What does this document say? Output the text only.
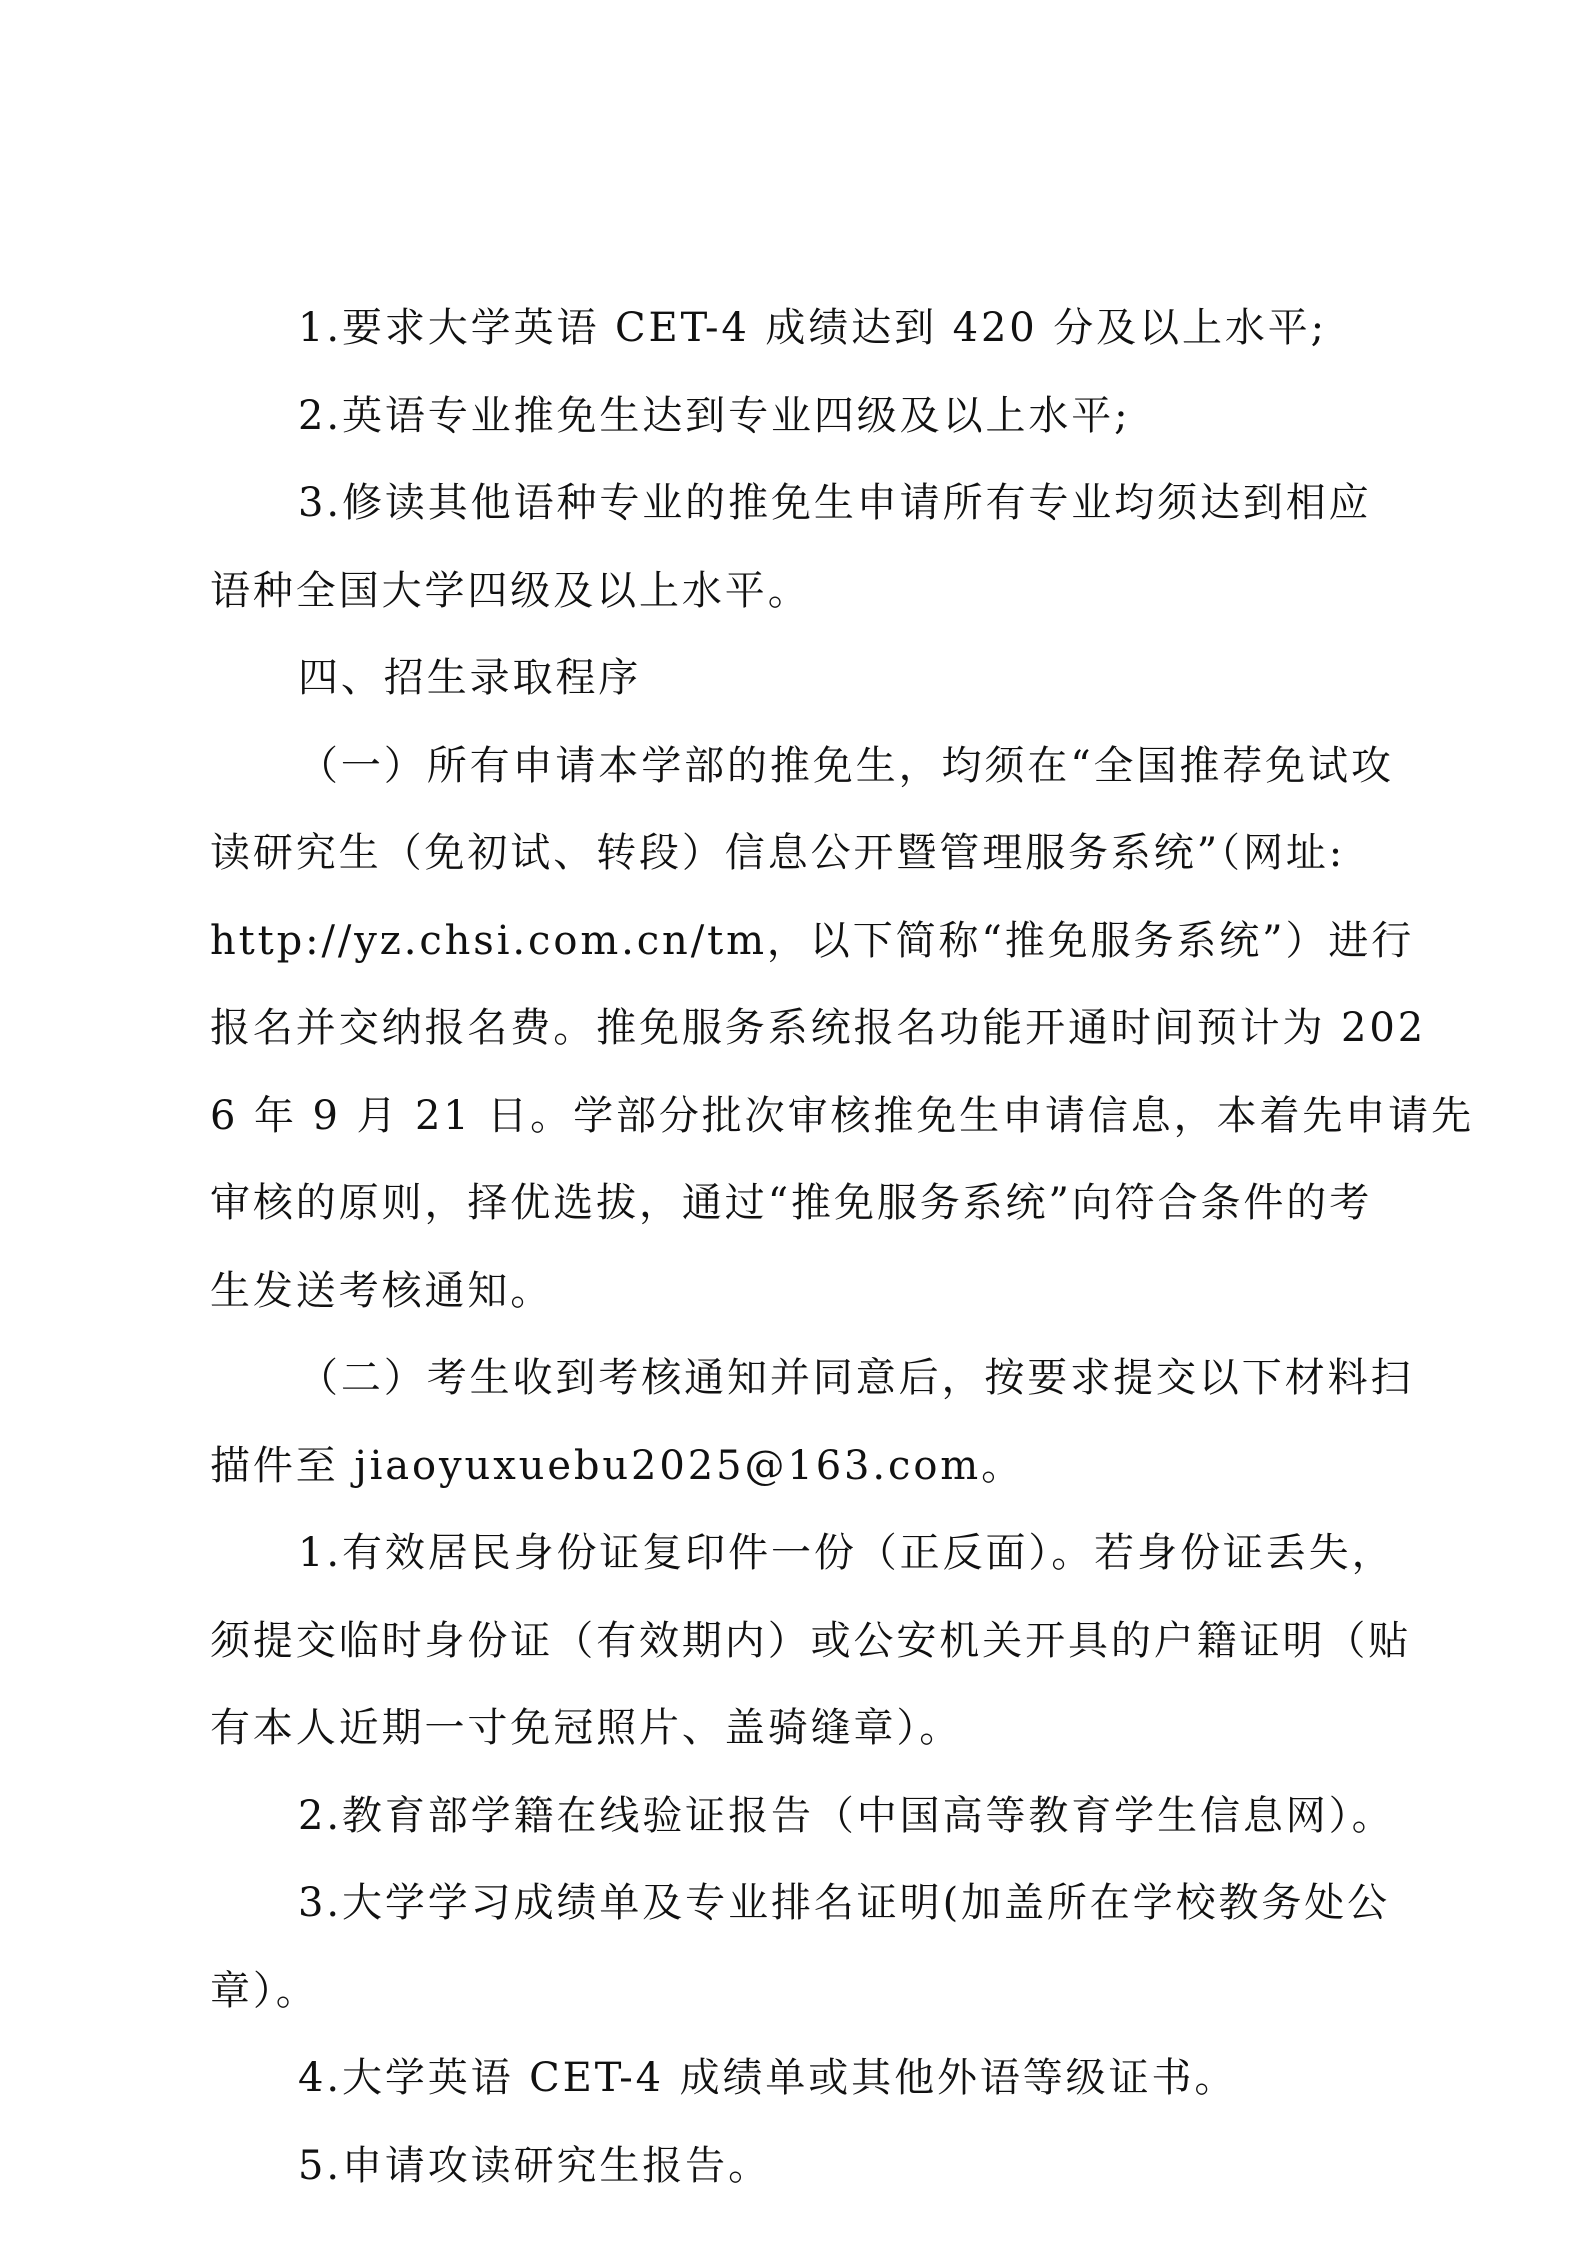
1.要求大学英语 CET-4 成绩达到 420 分及以上水平;

2.英语专业推免生达到专业四级及以上水平;

3.修读其他语种专业的推免生申请所有专业均须达到相应

语种全国大学四级及以上水平。

四、招生录取程序

（一）所有申请本学部的推免生，均须在“全国推荐免试攻

读研究生（免初试、转段）信息公开暨管理服务系统”（网址:

http://yz.chsi.com.cn/tm，以下简称“推免服务系统”）进行

报名并交纳报名费。推免服务系统报名功能开通时间预计为 202

6 年 9 月 21 日。学部分批次审核推免生申请信息，本着先申请先

审核的原则，择优选拔，通过“推免服务系统”向符合条件的考

生发送考核通知。

（二）考生收到考核通知并同意后，按要求提交以下材料扫

描件至 jiaoyuxuebu2025@163.com。

1.有效居民身份证复印件一份（正反面）。若身份证丢失，

须提交临时身份证（有效期内）或公安机关开具的户籍证明（贴

有本人近期一寸免冠照片、盖骑缝章）。

2.教育部学籍在线验证报告（中国高等教育学生信息网）。

3.大学学习成绩单及专业排名证明(加盖所在学校教务处公

章）。

4.大学英语 CET-4 成绩单或其他外语等级证书。

5.申请攻读研究生报告。
